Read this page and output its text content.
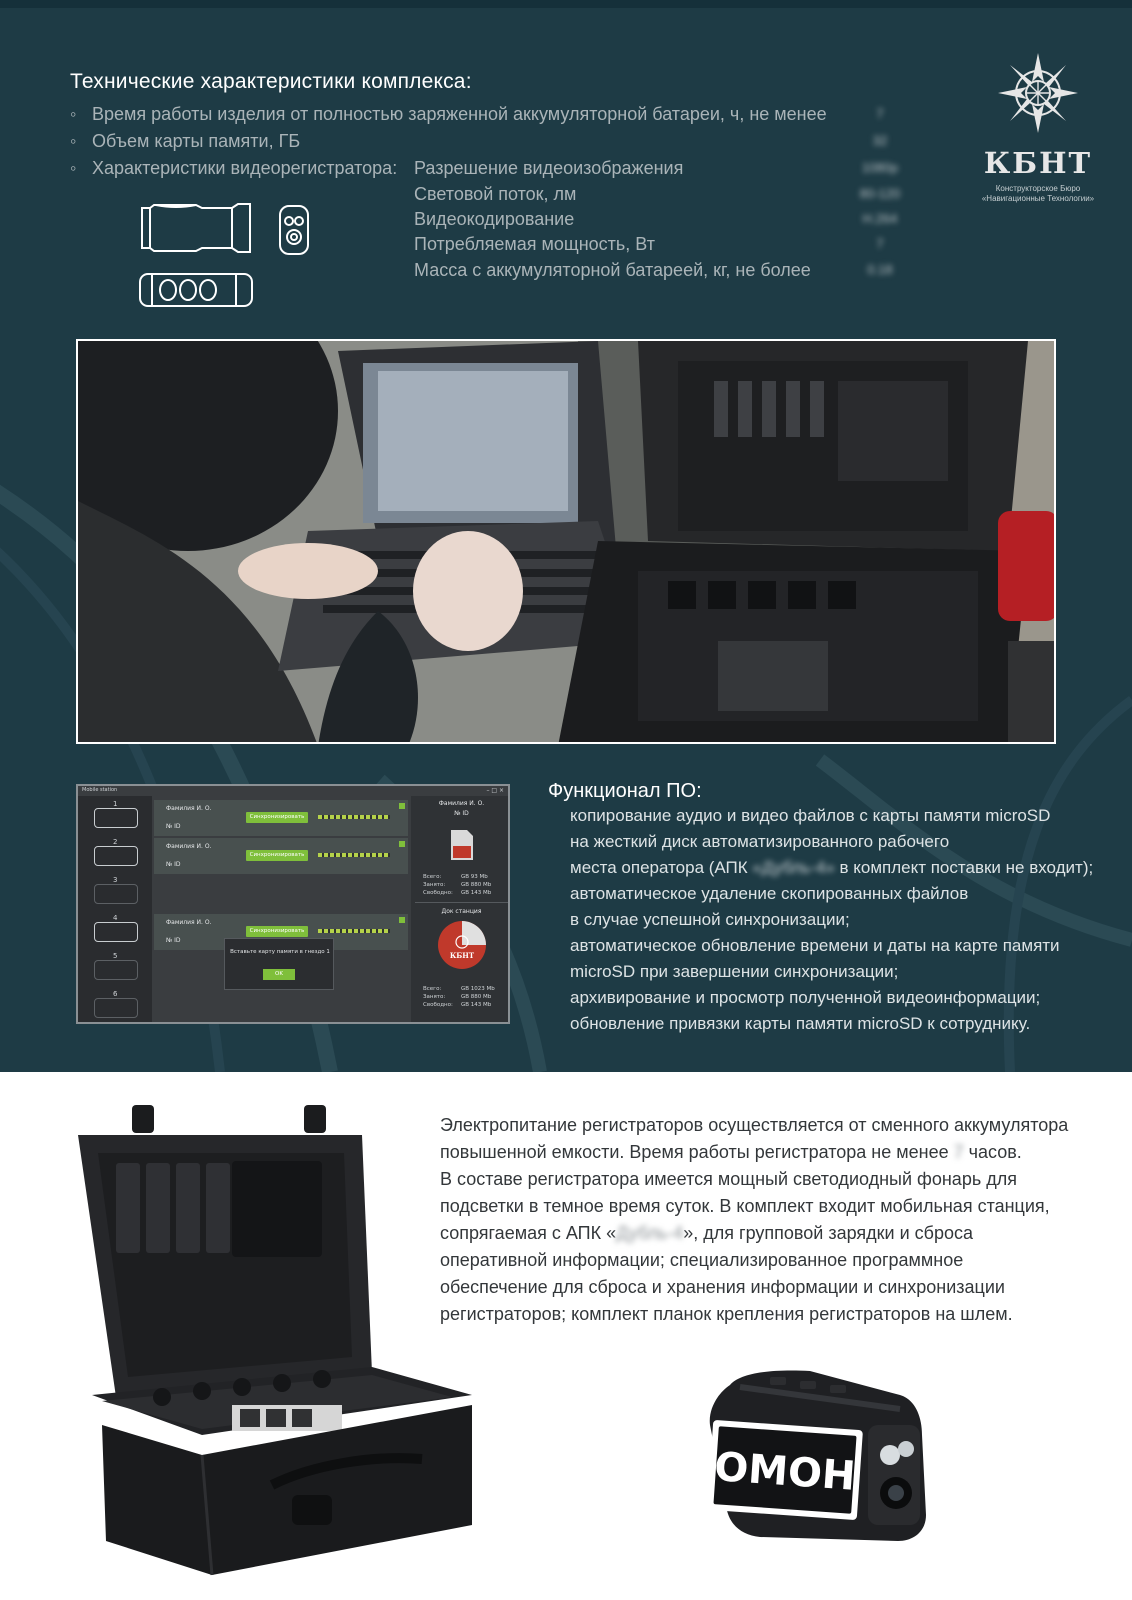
Технические характеристики комплекса:
◦ Время работы изделия от полностью заряженной аккумуляторной батареи, ч, не менее	7
◦ Объем карты памяти, ГБ	32
◦ Характеристики видеорегистратора: Разрешение видеоизображения	1080p
Световой поток, лм	80-120
Видеокодирование	H.264
Потребляемая мощность, Вт	7
Масса с аккумуляторной батареей, кг, не более	0.18
КБНТ
Конструкторское Бюро
«Навигационные Технологии»
Mobile station	– □ ×
1
2
3
4
5
6
Фамилия И. О.
№ ID
Синхронизировать
Фамилия И. О.
№ ID
Синхронизировать
Фамилия И. О.
№ ID
Синхронизировать
Вставьте карту памяти в гнездо 1
OK
Фамилия И. О.
№ ID
Всего:	GB 93 Mb
Занято:	GB 880 Mb
Свободно: GB 143 Mb
Док станция
КБНТ
Всего:	GB 1023 Mb
Занято:	GB 880 Mb
Свободно: GB 143 Mb
Функционал ПО:
копирование аудио и видео файлов с карты памяти microSD
на жесткий диск автоматизированного рабочего
места оператора (АПК «Дубль-4» в комплект поставки не входит);
автоматическое удаление скопированных файлов
в случае успешной синхронизации;
автоматическое обновление времени и даты на карте памяти
microSD при завершении синхронизации;
архивирование и просмотр полученной видеоинформации;
обновление привязки карты памяти microSD к сотруднику.
Электропитание регистраторов осуществляется от сменного аккумулятора
повышенной емкости. Время работы регистратора не менее 7 часов.
В составе регистратора имеется мощный светодиодный фонарь для
подсветки в темное время суток. В комплект входит мобильная станция,
сопрягаемая с АПК «Дубль-4», для групповой зарядки и сброса
оперативной информации; специализированное программное
обеспечение для сброса и хранения информации и синхронизации
регистраторов; комплект планок крепления регистраторов на шлем.
ОМОН
